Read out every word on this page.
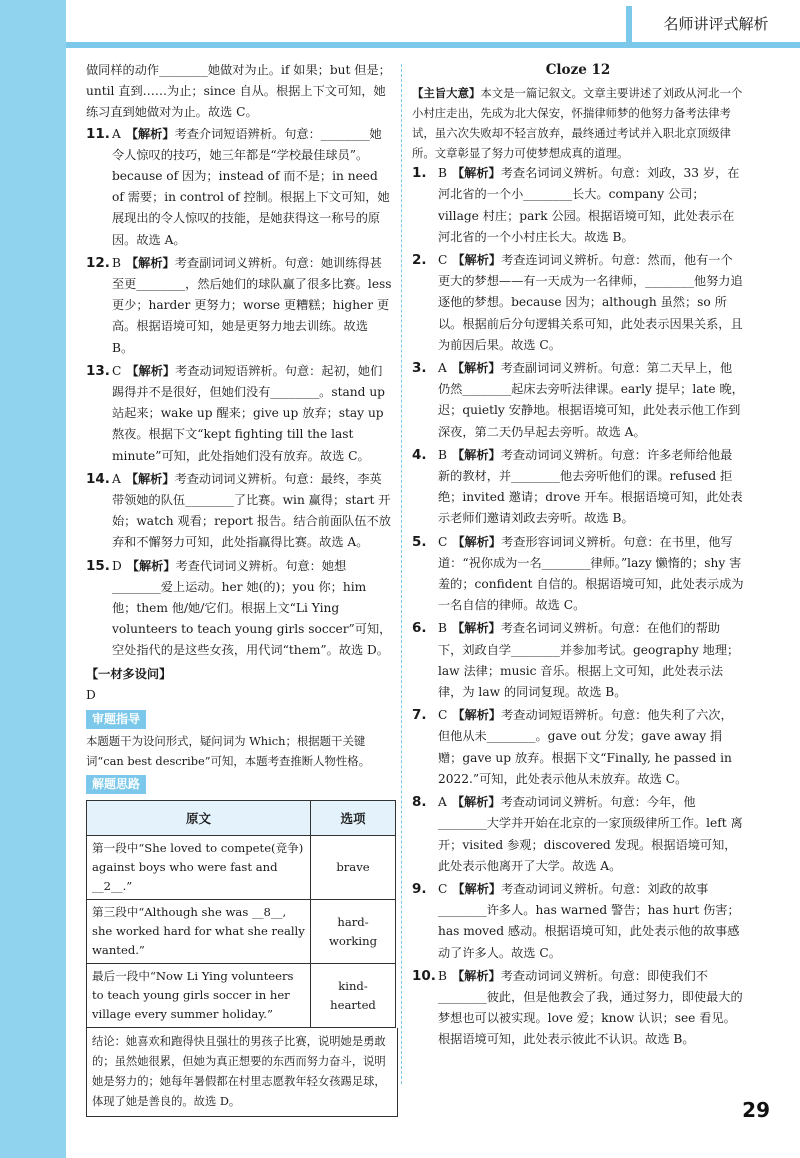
名师讲评式解析

做同样的动作________她做对为止。if 如果；but 但是；until 直到……为止；since 自从。根据上下文可知，她练习直到她做对为止。故选 C。

11. A 【解析】考查介词短语辨析。句意：________她令人惊叹的技巧，她三年都是“学校最佳球员”。because of 因为；instead of 而不是；in need of 需要；in control of 控制。根据上下文可知，她展现出的令人惊叹的技能，是她获得这一称号的原因。故选 A。
12. B 【解析】考查副词词义辨析。句意：她训练得甚至更________，然后她们的球队赢了很多比赛。less 更少；harder 更努力；worse 更糟糕；higher 更高。根据语境可知，她是更努力地去训练。故选 B。
13. C 【解析】考查动词短语辨析。句意：起初，她们踢得并不是很好，但她们没有________。stand up 站起来；wake up 醒来；give up 放弃；stay up 熬夜。根据下文“kept fighting till the last minute”可知，此处指她们没有放弃。故选 C。
14. A 【解析】考查动词词义辨析。句意：最终，李英带领她的队伍________了比赛。win 赢得；start 开始；watch 观看；report 报告。结合前面队伍不放弃和不懈努力可知，此处指赢得比赛。故选 A。
15. D 【解析】考查代词词义辨析。句意：她想________爱上运动。her 她(的)；you 你；him 他；them 他/她/它们。根据上文“Li Ying volunteers to teach young girls soccer”可知，空处指代的是这些女孩，用代词“them”。故选 D。

【一材多设问】

D

审题指导

本题题干为设问形式，疑问词为 Which；根据题干关键词“can best describe”可知，本题考查推断人物性格。

解题思路
原文	选项
第一段中“She loved to compete(竞争) against boys who were fast and __2__.”	brave
第三段中“Although she was __8__, she worked hard for what she really wanted.”	hard-working
最后一段中“Now Li Ying volunteers to teach young girls soccer in her village every summer holiday.”	kind-hearted
结论：她喜欢和跑得快且强壮的男孩子比赛，说明她是勇敢的；虽然她很累，但她为真正想要的东西而努力奋斗，说明她是努力的；她每年暑假都在村里志愿教年轻女孩踢足球，体现了她是善良的。故选 D。

Cloze 12

【主旨大意】本文是一篇记叙文。文章主要讲述了刘政从河北一个小村庄走出，先成为北大保安，怀揣律师梦的他努力备考法律考试，虽六次失败却不轻言放弃，最终通过考试并入职北京顶级律所。文章彰显了努力可使梦想成真的道理。

1. B 【解析】考查名词词义辨析。句意：刘政，33 岁，在河北省的一个小________长大。company 公司；village 村庄；park 公园。根据语境可知，此处表示在河北省的一个小村庄长大。故选 B。
2. C 【解析】考查连词词义辨析。句意：然而，他有一个更大的梦想——有一天成为一名律师，________他努力追逐他的梦想。because 因为；although 虽然；so 所以。根据前后分句逻辑关系可知，此处表示因果关系，且为前因后果。故选 C。
3. A 【解析】考查副词词义辨析。句意：第二天早上，他仍然________起床去旁听法律课。early 提早；late 晚，迟；quietly 安静地。根据语境可知，此处表示他工作到深夜，第二天仍早起去旁听。故选 A。
4. B 【解析】考查动词词义辨析。句意：许多老师给他最新的教材，并________他去旁听他们的课。refused 拒绝；invited 邀请；drove 开车。根据语境可知，此处表示老师们邀请刘政去旁听。故选 B。
5. C 【解析】考查形容词词义辨析。句意：在书里，他写道：“祝你成为一名________律师。”lazy 懒惰的；shy 害羞的；confident 自信的。根据语境可知，此处表示成为一名自信的律师。故选 C。
6. B 【解析】考查名词词义辨析。句意：在他们的帮助下，刘政自学________并参加考试。geography 地理；law 法律；music 音乐。根据上文可知，此处表示法律，为 law 的同词复现。故选 B。
7. C 【解析】考查动词短语辨析。句意：他失利了六次，但他从未________。gave out 分发；gave away 捐赠；gave up 放弃。根据下文“Finally, he passed in 2022.”可知，此处表示他从未放弃。故选 C。
8. A 【解析】考查动词词义辨析。句意：今年，他________大学并开始在北京的一家顶级律所工作。left 离开；visited 参观；discovered 发现。根据语境可知，此处表示他离开了大学。故选 A。
9. C 【解析】考查动词词义辨析。句意：刘政的故事________许多人。has warned 警告；has hurt 伤害；has moved 感动。根据语境可知，此处表示他的故事感动了许多人。故选 C。
10. B 【解析】考查动词词义辨析。句意：即使我们不________彼此，但是他教会了我，通过努力，即使最大的梦想也可以被实现。love 爱；know 认识；see 看见。根据语境可知，此处表示彼此不认识。故选 B。
29
